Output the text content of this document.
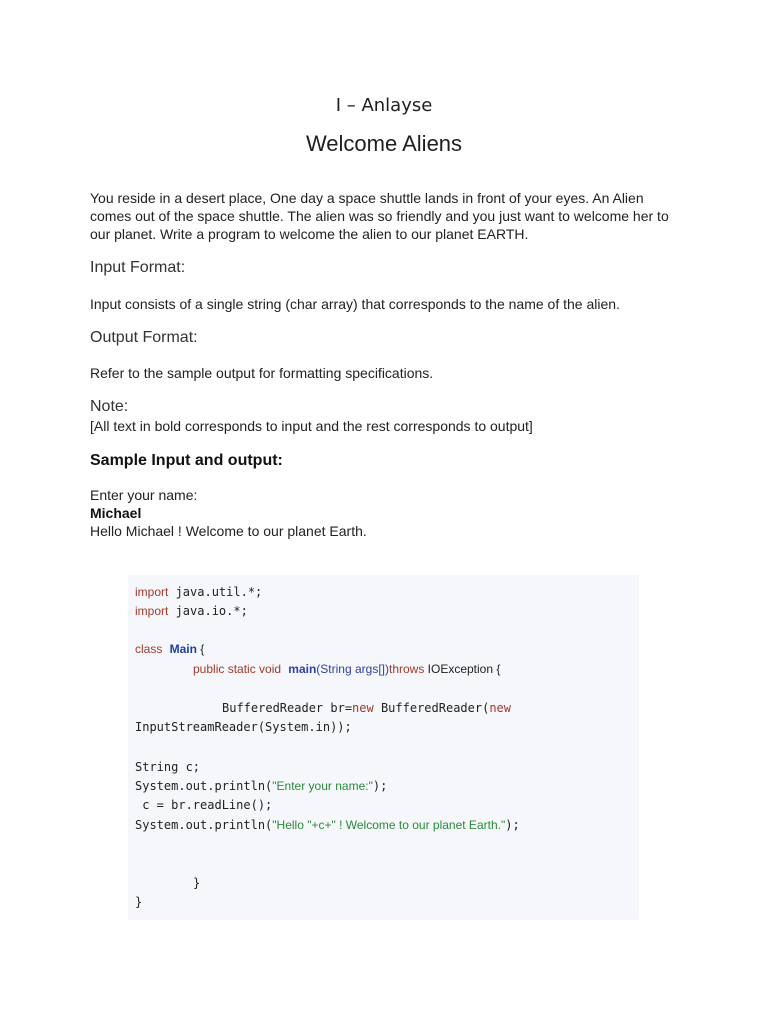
I – Anlayse
Welcome Aliens
You reside in a desert place, One day a space shuttle lands in front of your eyes. An Alien comes out of the space shuttle. The alien was so friendly and you just want to welcome her to our planet. Write a program to welcome the alien to our planet EARTH.
Input Format:
Input consists of a single string (char array) that corresponds to the name of the alien.
Output Format:
Refer to the sample output for formatting specifications.
Note:
[All text in bold corresponds to input and the rest corresponds to output]
Sample Input and output:
Enter your name:
Michael
Hello Michael ! Welcome to our planet Earth.
import java.util.*;
import java.io.*;
class Main {
public static void main(String args[])throws IOException {
BufferedReader br=new BufferedReader(new
InputStreamReader(System.in));
String c;
System.out.println("Enter your name:");
c = br.readLine();
System.out.println("Hello "+c+" ! Welcome to our planet Earth.");
}
}
